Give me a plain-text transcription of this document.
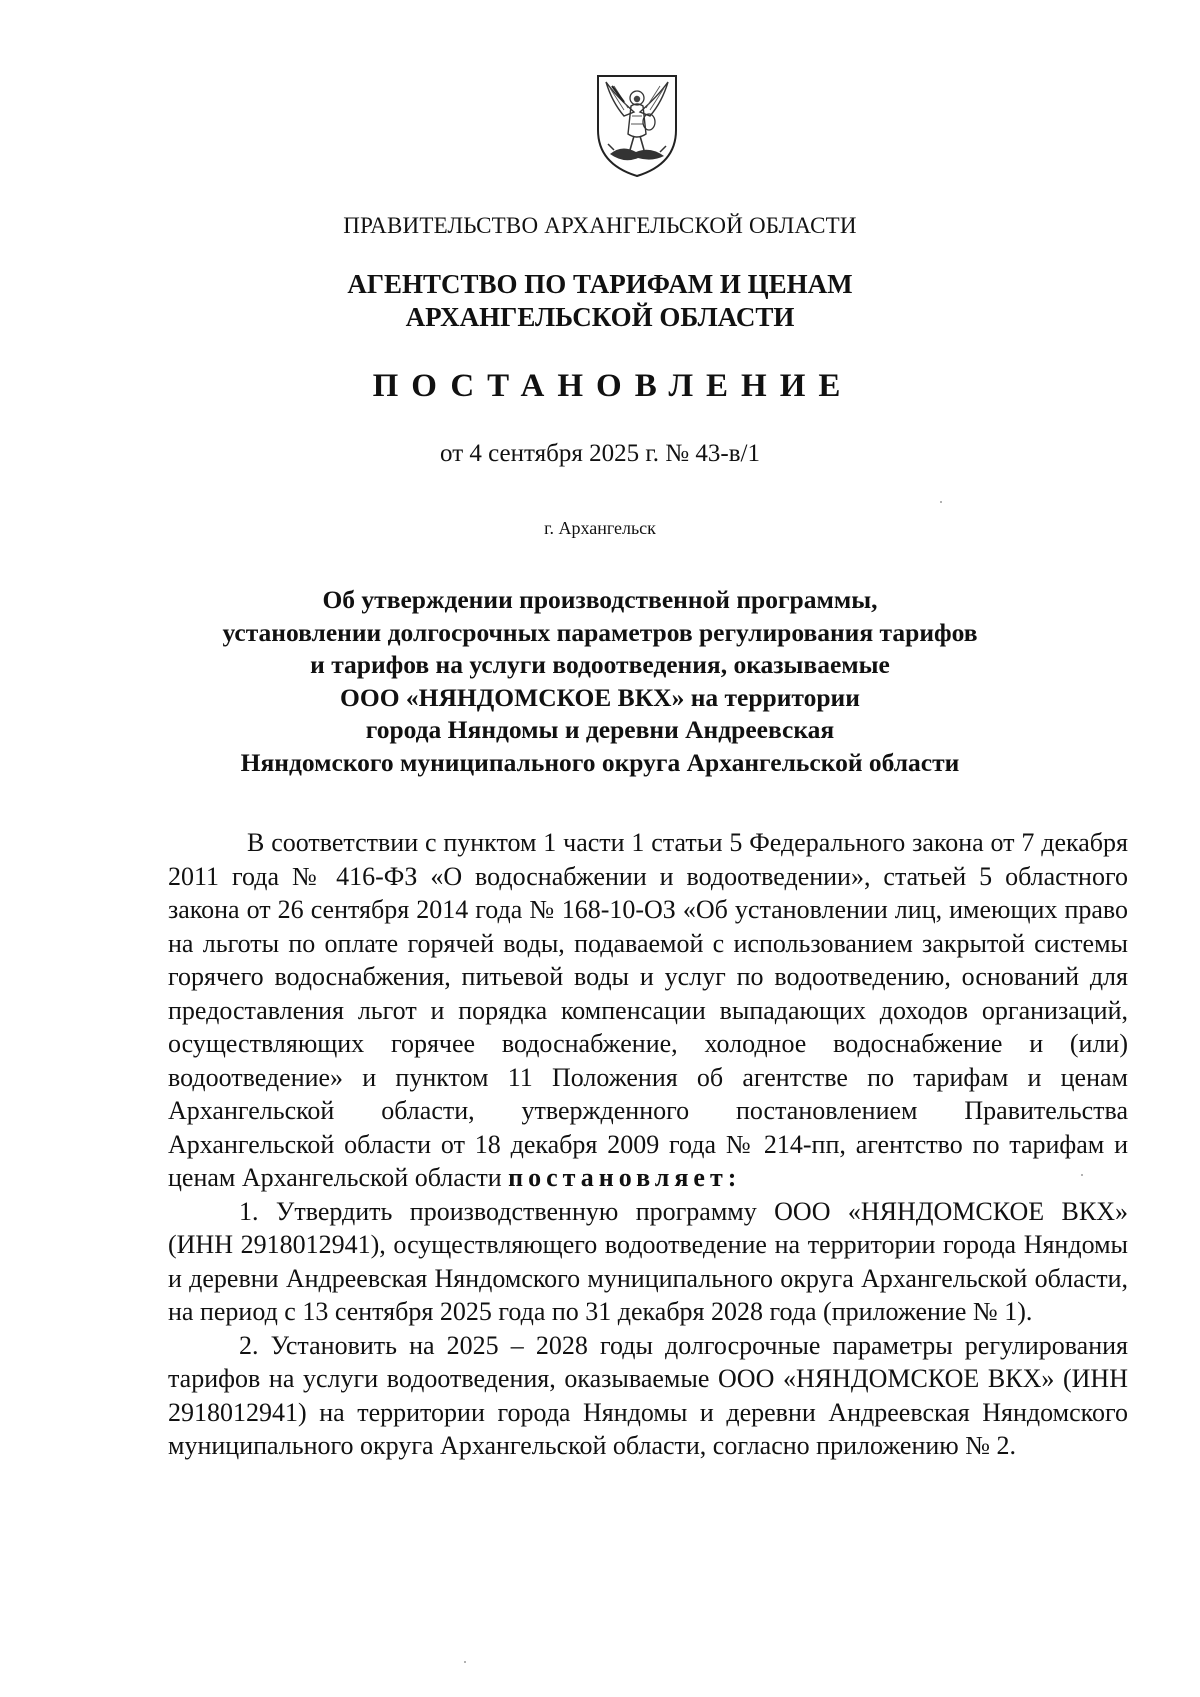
ПРАВИТЕЛЬСТВО АРХАНГЕЛЬСКОЙ ОБЛАСТИ
АГЕНТСТВО ПО ТАРИФАМ И ЦЕНАМ
АРХАНГЕЛЬСКОЙ ОБЛАСТИ
ПОСТАНОВЛЕНИЕ
от 4 сентября 2025 г. № 43-в/1
г. Архангельск
Об утверждении производственной программы,
установлении долгосрочных параметров регулирования тарифов
и тарифов на услуги водоотведения, оказываемые
ООО «НЯНДОМСКОЕ ВКХ» на территории
города Няндомы и деревни Андреевская
Няндомского муниципального округа Архангельской области

В соответствии с пунктом 1 части 1 статьи 5 Федерального закона от 7 декабря 2011 года № 416-ФЗ «О водоснабжении и водоотведении», статьей 5 областного закона от 26 сентября 2014 года № 168-10-ОЗ «Об установлении лиц, имеющих право на льготы по оплате горячей воды, подаваемой с использованием закрытой системы горячего водоснабжения, питьевой воды и услуг по водоотведению, оснований для предоставления льгот и порядка компенсации выпадающих доходов организаций, осуществляющих горячее водоснабжение, холодное водоснабжение и (или) водоотведение» и пунктом 11 Положения об агентстве по тарифам и ценам Архангельской области, утвержденного постановлением Правительства Архангельской области от 18 декабря 2009 года № 214-пп, агентство по тарифам и ценам Архангельской области постановляет:

1. Утвердить производственную программу ООО «НЯНДОМСКОЕ ВКХ» (ИНН 2918012941), осуществляющего водоотведение на территории города Няндомы и деревни Андреевская Няндомского муниципального округа Архангельской области, на период с 13 сентября 2025 года по 31 декабря 2028 года (приложение № 1).

2. Установить на 2025 – 2028 годы долгосрочные параметры регулирования тарифов на услуги водоотведения, оказываемые ООО «НЯНДОМСКОЕ ВКХ» (ИНН 2918012941) на территории города Няндомы и деревни Андреевская Няндомского муниципального округа Архангельской области, согласно приложению № 2.
